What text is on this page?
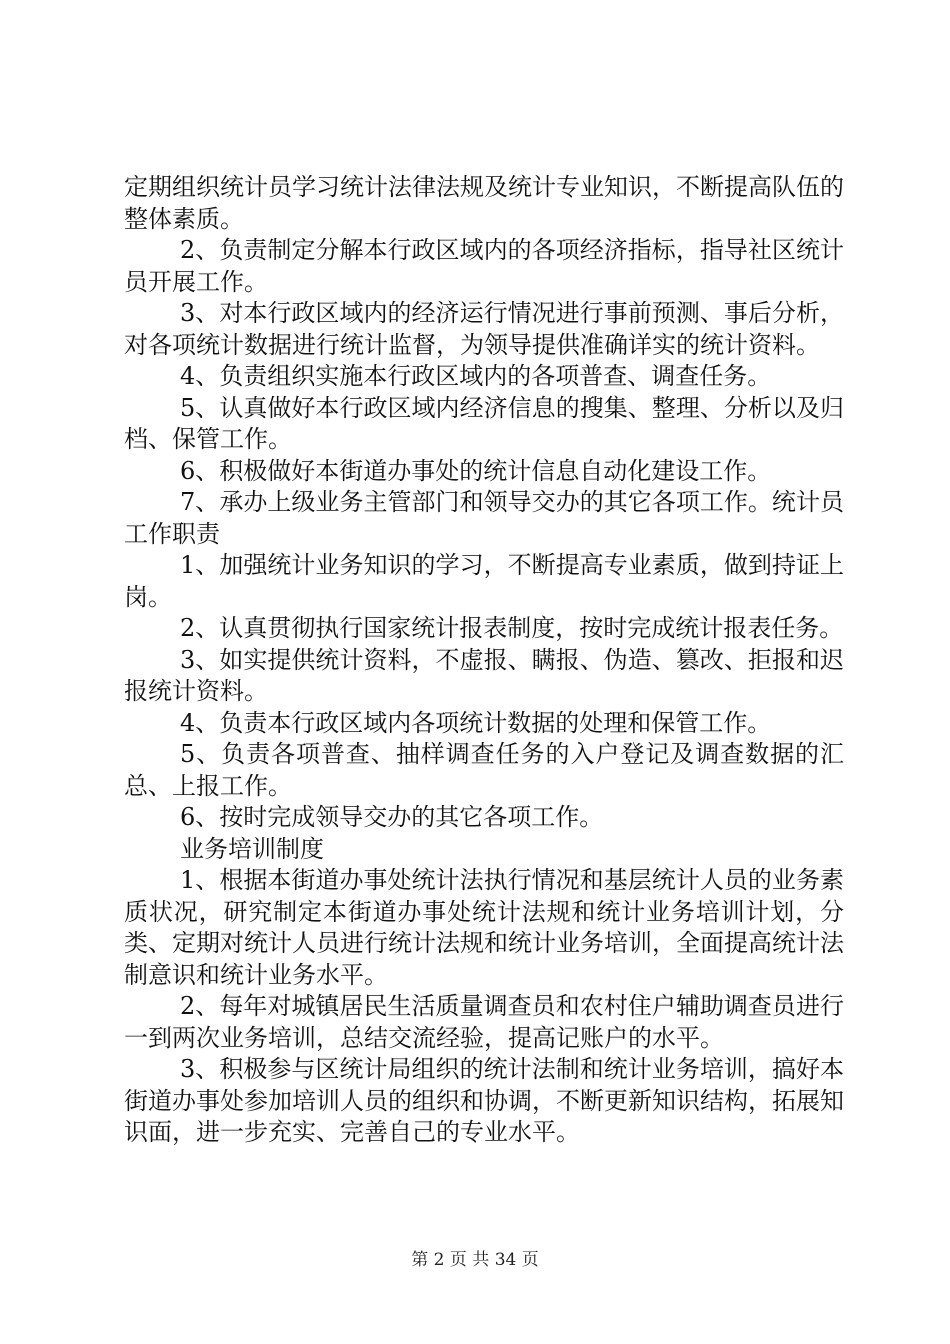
定期组织统计员学习统计法律法规及统计专业知识，不断提高队伍的整体素质。

2、负责制定分解本行政区域内的各项经济指标，指导社区统计员开展工作。

3、对本行政区域内的经济运行情况进行事前预测、事后分析，对各项统计数据进行统计监督，为领导提供准确详实的统计资料。

4、负责组织实施本行政区域内的各项普查、调查任务。

5、认真做好本行政区域内经济信息的搜集、整理、分析以及归档、保管工作。

6、积极做好本街道办事处的统计信息自动化建设工作。

7、承办上级业务主管部门和领导交办的其它各项工作。统计员工作职责

1、加强统计业务知识的学习，不断提高专业素质，做到持证上岗。

2、认真贯彻执行国家统计报表制度，按时完成统计报表任务。

3、如实提供统计资料，不虚报、瞒报、伪造、篡改、拒报和迟报统计资料。

4、负责本行政区域内各项统计数据的处理和保管工作。

5、负责各项普查、抽样调查任务的入户登记及调查数据的汇总、上报工作。

6、按时完成领导交办的其它各项工作。

业务培训制度

1、根据本街道办事处统计法执行情况和基层统计人员的业务素质状况，研究制定本街道办事处统计法规和统计业务培训计划，分类、定期对统计人员进行统计法规和统计业务培训，全面提高统计法制意识和统计业务水平。

2、每年对城镇居民生活质量调查员和农村住户辅助调查员进行一到两次业务培训，总结交流经验，提高记账户的水平。

3、积极参与区统计局组织的统计法制和统计业务培训，搞好本街道办事处参加培训人员的组织和协调，不断更新知识结构，拓展知识面，进一步充实、完善自己的专业水平。

第 2 页 共 34 页
